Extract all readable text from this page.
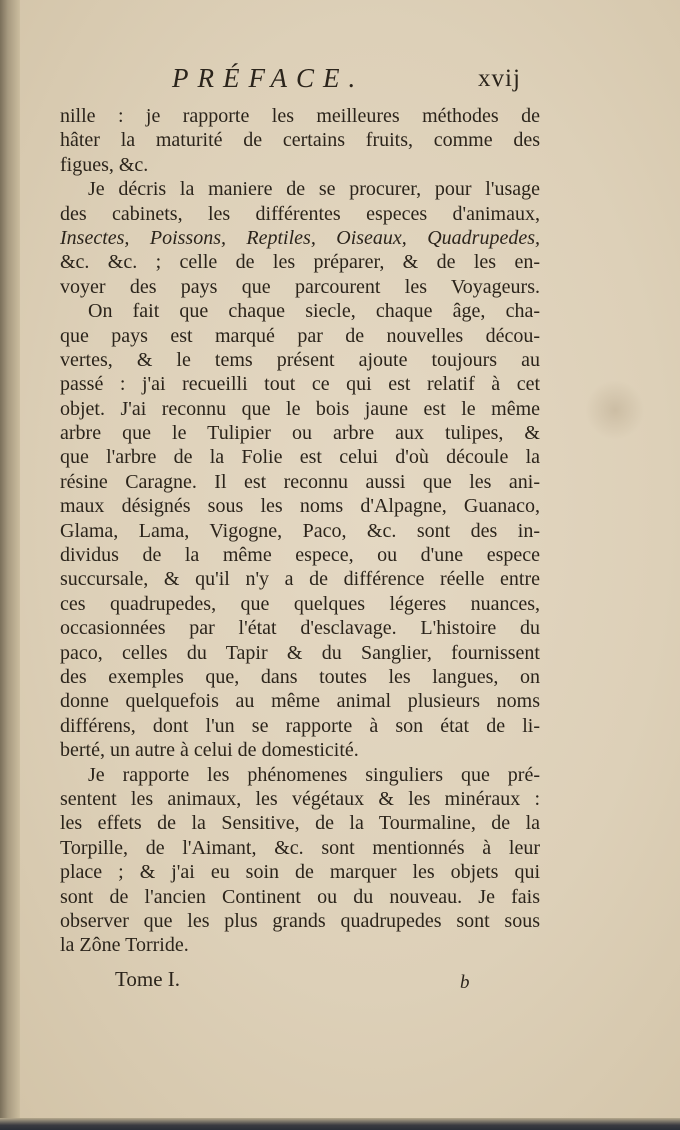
PRÉFACE.	xvij
nille : je rapporte les meilleures méthodes de
hâter la maturité de certains fruits, comme des
figues, &c.
Je décris la maniere de se procurer, pour l'usage
des cabinets, les différentes especes d'animaux,
Insectes, Poissons, Reptiles, Oiseaux, Quadrupedes,
&c. &c. ; celle de les préparer, & de les en-
voyer des pays que parcourent les Voyageurs.
On fait que chaque siecle, chaque âge, cha-
que pays est marqué par de nouvelles décou-
vertes, & le tems présent ajoute toujours au
passé : j'ai recueilli tout ce qui est relatif à cet
objet. J'ai reconnu que le bois jaune est le même
arbre que le Tulipier ou arbre aux tulipes, &
que l'arbre de la Folie est celui d'où découle la
résine Caragne. Il est reconnu aussi que les ani-
maux désignés sous les noms d'Alpagne, Guanaco,
Glama, Lama, Vigogne, Paco, &c. sont des in-
dividus de la même espece, ou d'une espece
succursale, & qu'il n'y a de différence réelle entre
ces quadrupedes, que quelques légeres nuances,
occasionnées par l'état d'esclavage. L'histoire du
paco, celles du Tapir & du Sanglier, fournissent
des exemples que, dans toutes les langues, on
donne quelquefois au même animal plusieurs noms
différens, dont l'un se rapporte à son état de li-
berté, un autre à celui de domesticité.
Je rapporte les phénomenes singuliers que pré-
sentent les animaux, les végétaux & les minéraux :
les effets de la Sensitive, de la Tourmaline, de la
Torpille, de l'Aimant, &c. sont mentionnés à leur
place ; & j'ai eu soin de marquer les objets qui
sont de l'ancien Continent ou du nouveau. Je fais
observer que les plus grands quadrupedes sont sous
la Zône Torride.
Tome I.	b
